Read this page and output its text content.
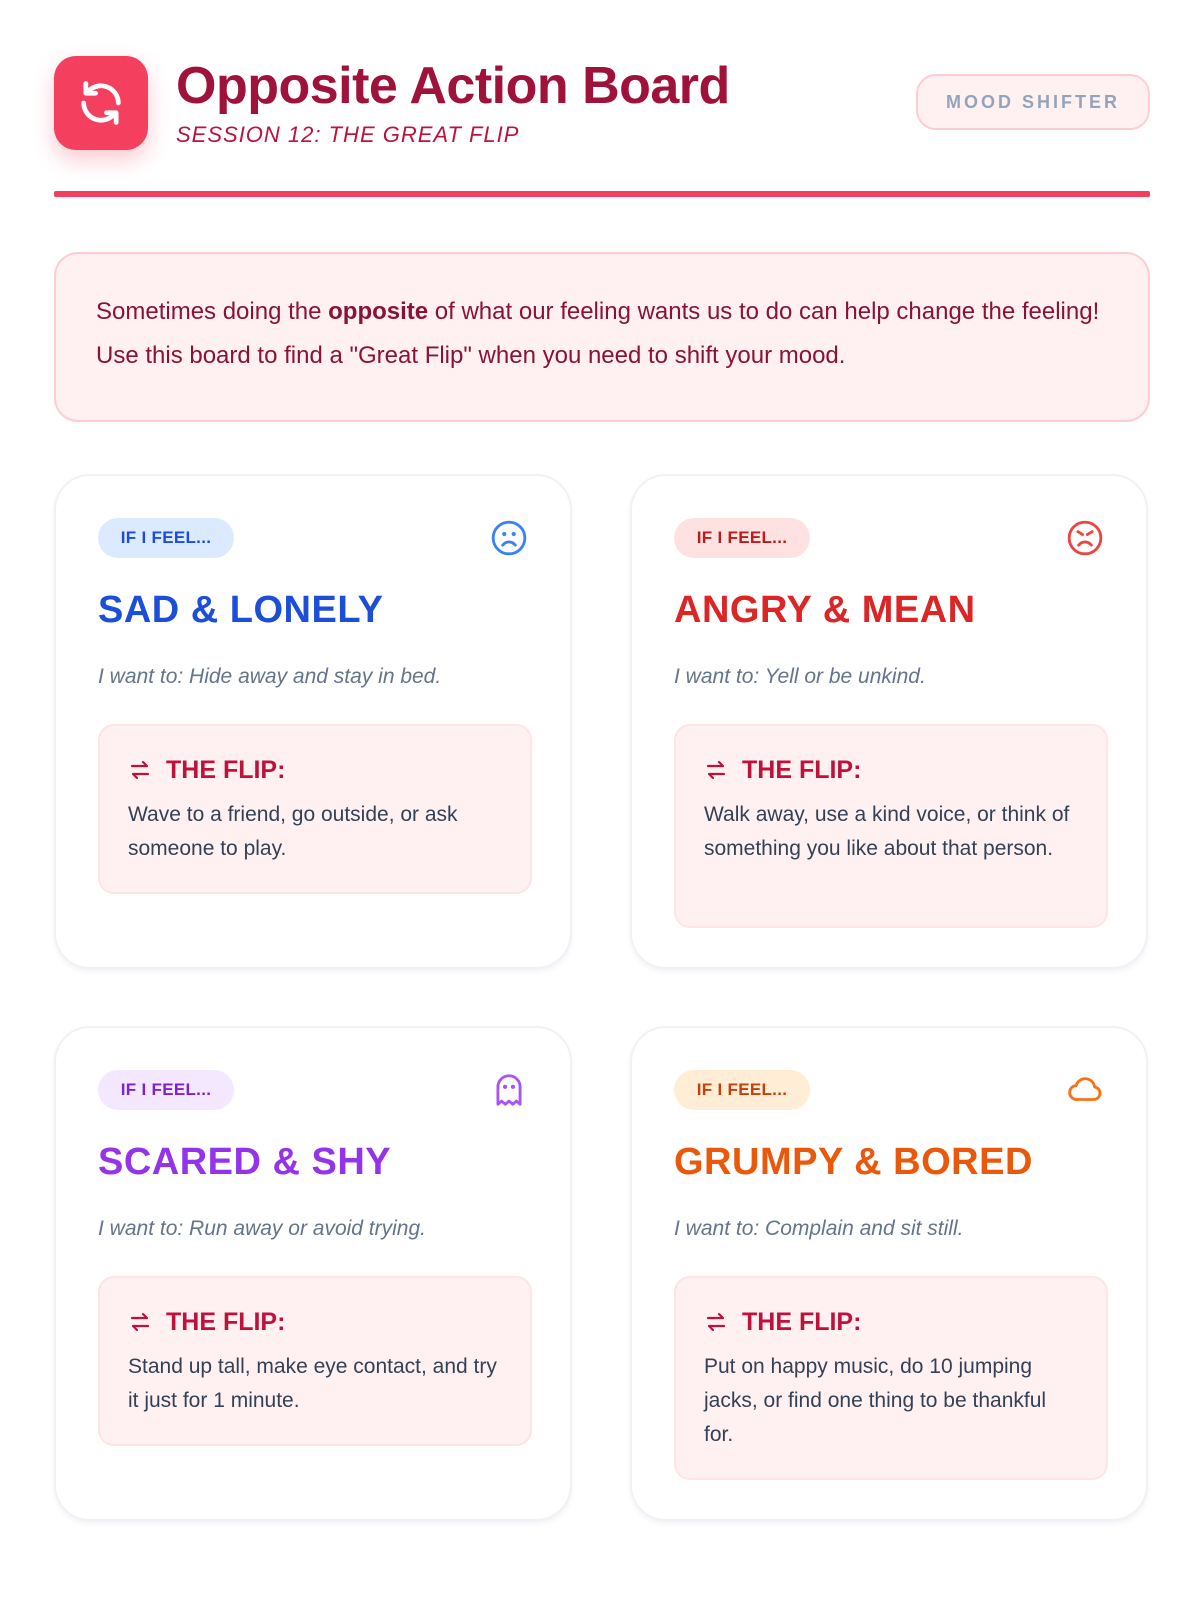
Opposite Action Board
SESSION 12: THE GREAT FLIP
MOOD SHIFTER

Sometimes doing the opposite of what our feeling wants us to do can help change the feeling! Use this board to find a "Great Flip" when you need to shift your mood.

IF I FEEL...
SAD & LONELY
I want to: Hide away and stay in bed.
THE FLIP:
Wave to a friend, go outside, or ask someone to play.
IF I FEEL...
ANGRY & MEAN
I want to: Yell or be unkind.
THE FLIP:
Walk away, use a kind voice, or think of something you like about that person.
IF I FEEL...
SCARED & SHY
I want to: Run away or avoid trying.
THE FLIP:
Stand up tall, make eye contact, and try it just for 1 minute.
IF I FEEL...
GRUMPY & BORED
I want to: Complain and sit still.
THE FLIP:
Put on happy music, do 10 jumping jacks, or find one thing to be thankful for.
